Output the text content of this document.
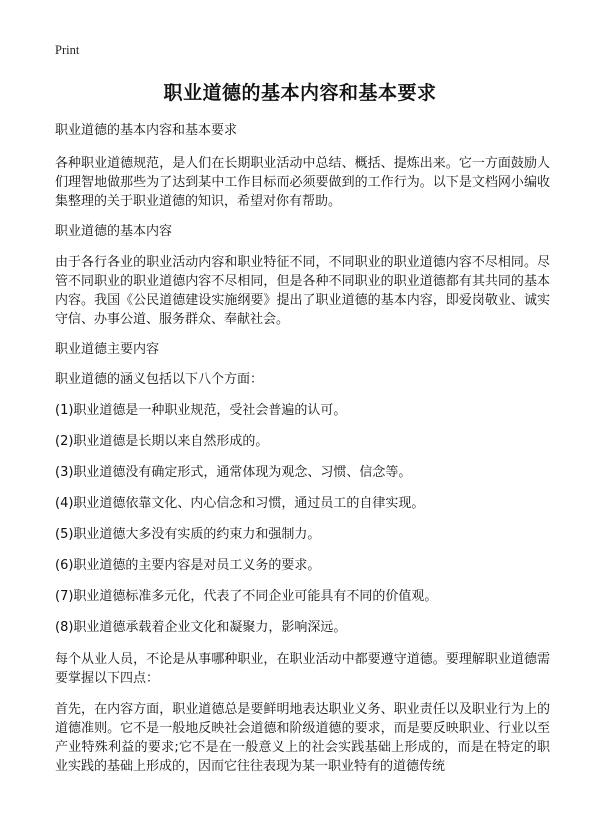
Print
职业道德的基本内容和基本要求

职业道德的基本内容和基本要求

各种职业道德规范，是人们在长期职业活动中总结、概括、提炼出来。它一方面鼓励人们理智地做那些为了达到某中工作目标而必须要做到的工作行为。以下是文档网小编收集整理的关于职业道德的知识，希望对你有帮助。

职业道德的基本内容

由于各行各业的职业活动内容和职业特征不同，不同职业的职业道德内容不尽相同。尽管不同职业的职业道德内容不尽相同，但是各种不同职业的职业道德都有其共同的基本内容。我国《公民道德建设实施纲要》提出了职业道德的基本内容，即爱岗敬业、诚实守信、办事公道、服务群众、奉献社会。

职业道德主要内容

职业道德的涵义包括以下八个方面：

(1)职业道德是一种职业规范，受社会普遍的认可。

(2)职业道德是长期以来自然形成的。

(3)职业道德没有确定形式，通常体现为观念、习惯、信念等。

(4)职业道德依靠文化、内心信念和习惯，通过员工的自律实现。

(5)职业道德大多没有实质的约束力和强制力。

(6)职业道德的主要内容是对员工义务的要求。

(7)职业道德标准多元化，代表了不同企业可能具有不同的价值观。

(8)职业道德承载着企业文化和凝聚力，影响深远。

每个从业人员，不论是从事哪种职业，在职业活动中都要遵守道德。要理解职业道德需要掌握以下四点：

首先，在内容方面，职业道德总是要鲜明地表达职业义务、职业责任以及职业行为上的道德准则。它不是一般地反映社会道德和阶级道德的要求，而是要反映职业、行业以至产业特殊利益的要求;它不是在一般意义上的社会实践基础上形成的，而是在特定的职业实践的基础上形成的，因而它往往表现为某一职业特有的道德传统
